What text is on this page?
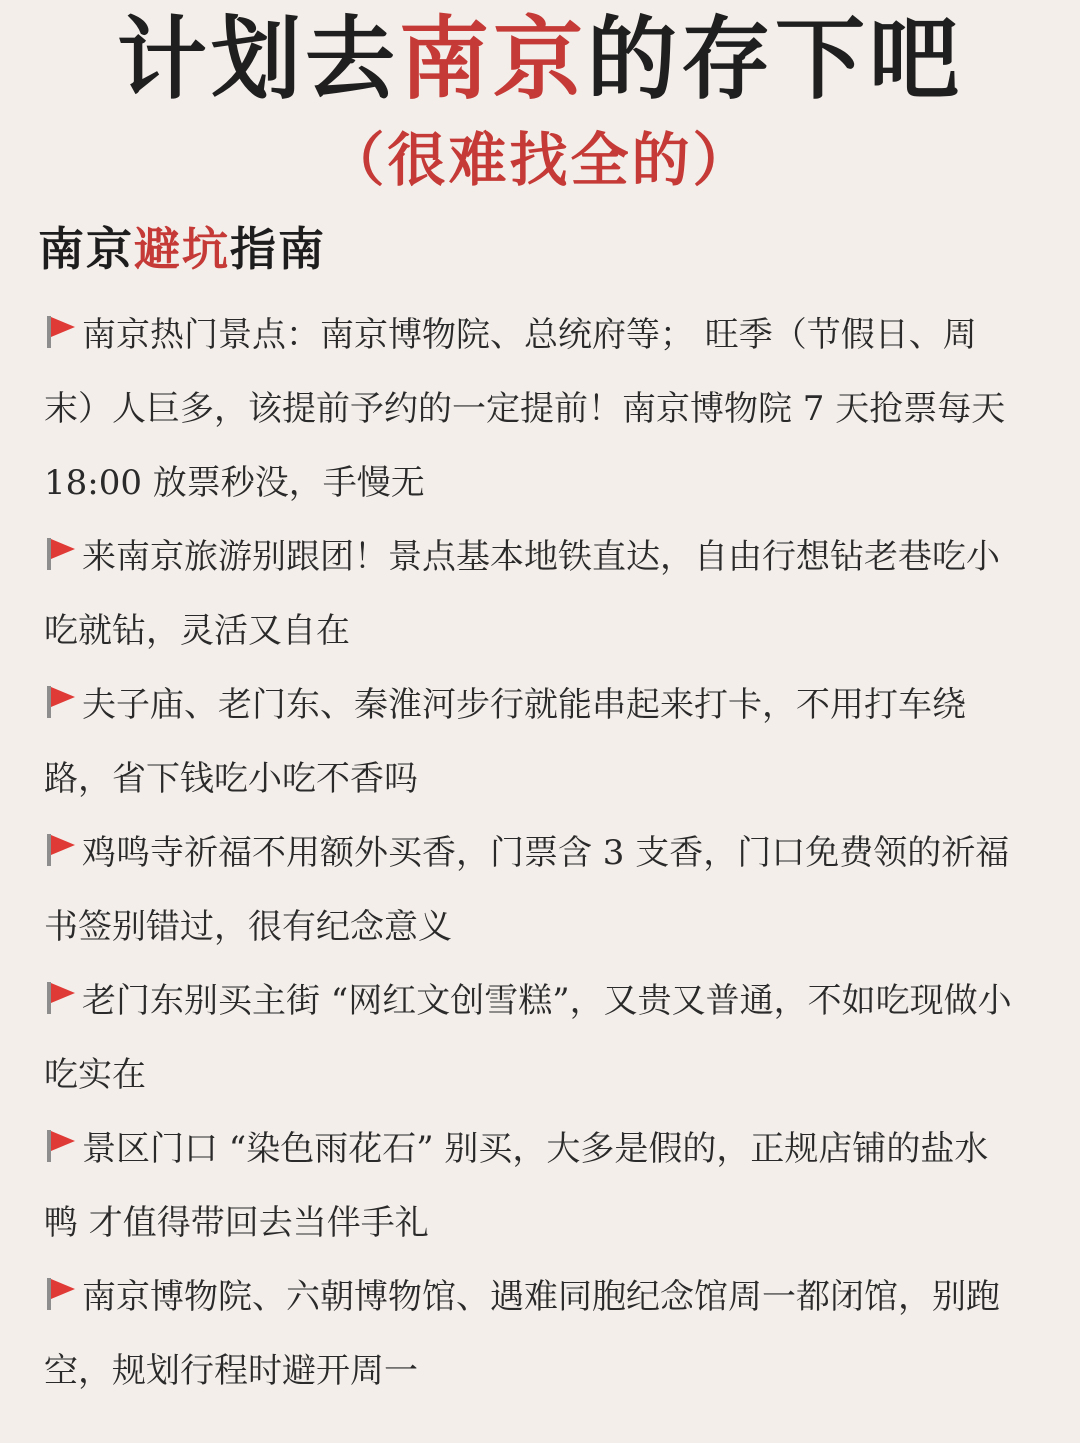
计划去南京的存下吧
（很难找全的）
南京避坑指南

南京热门景点：南京博物院、总统府等； 旺季（节假日、周末）人巨多，该提前予约的一定提前！南京博物院 7 天抢票每天 18:00 放票秒没，手慢无

来南京旅游别跟团！景点基本地铁直达，自由行想钻老巷吃小吃就钻，灵活又自在

夫子庙、老门东、秦淮河步行就能串起来打卡，不用打车绕路，省下钱吃小吃不香吗

鸡鸣寺祈福不用额外买香，门票含 3 支香，门口免费领的祈福书签别错过，很有纪念意义

老门东别买主街 “网红文创雪糕”，又贵又普通，不如吃现做小吃实在

景区门口 “染色雨花石” 别买，大多是假的，正规店铺的盐水鸭 才值得带回去当伴手礼

南京博物院、六朝博物馆、遇难同胞纪念馆周一都闭馆，别跑空，规划行程时避开周一
